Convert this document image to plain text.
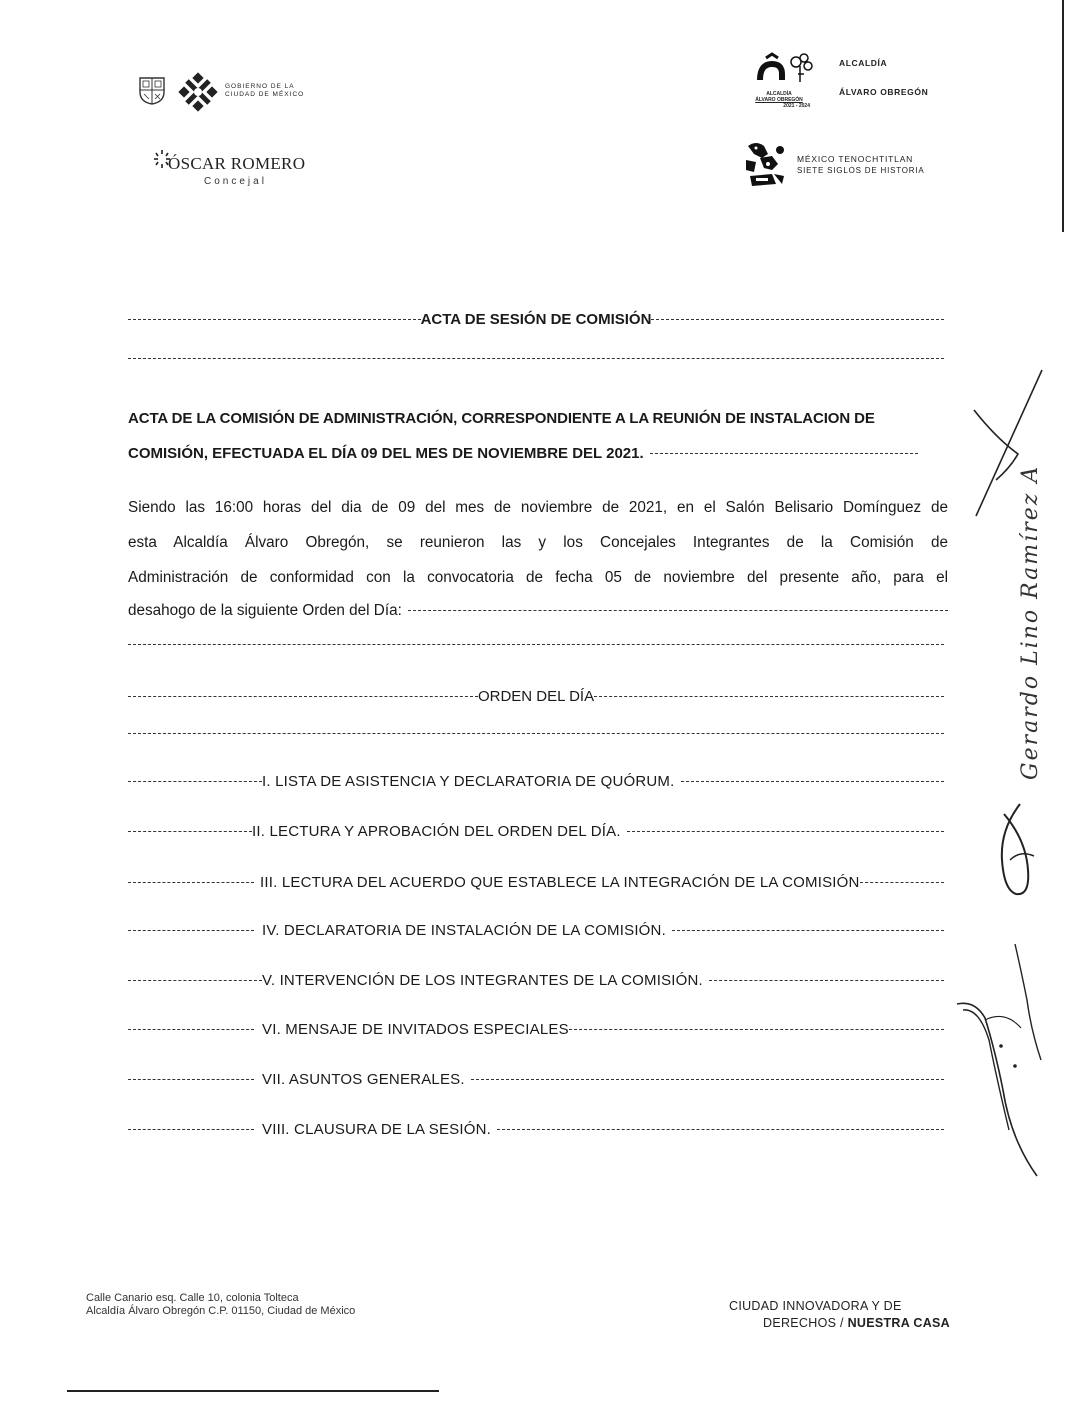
GOBIERNO DE LA
CIUDAD DE MÉXICO
ÓSCAR ROMERO
Concejal
ALCALDÍA
ÁLVARO OBREGÓN
2021 - 2024
ALCALDÍA
ÁLVARO OBREGÓN
MÉXICO TENOCHTITLAN
SIETE SIGLOS DE HISTORIA
ACTA DE SESIÓN DE COMISIÓN
ACTA DE LA COMISIÓN DE ADMINISTRACIÓN, CORRESPONDIENTE A LA REUNIÓN DE INSTALACION DE
COMISIÓN, EFECTUADA EL DÍA 09 DEL MES DE NOVIEMBRE DEL 2021.
Siendo las 16:00 horas del dia de 09 del mes de noviembre de 2021, en el Salón Belisario Domínguez de
esta Alcaldía Álvaro Obregón, se reunieron las y los Concejales Integrantes de la Comisión de
Administración de conformidad con la convocatoria de fecha 05 de noviembre del presente año, para el
desahogo de la siguiente Orden del Día:
ORDEN DEL DÍA
I. LISTA DE ASISTENCIA Y DECLARATORIA DE QUÓRUM.
II. LECTURA Y APROBACIÓN DEL ORDEN DEL DÍA.
III. LECTURA DEL ACUERDO QUE ESTABLECE LA INTEGRACIÓN DE LA COMISIÓN
IV. DECLARATORIA DE INSTALACIÓN DE LA COMISIÓN.
V. INTERVENCIÓN DE LOS INTEGRANTES DE LA COMISIÓN.
VI. MENSAJE DE INVITADOS ESPECIALES
VII. ASUNTOS GENERALES.
VIII. CLAUSURA DE LA SESIÓN.
Gerardo Lino Ramírez A
Calle Canario esq. Calle 10, colonia Tolteca
Alcaldía Álvaro Obregón C.P. 01150, Ciudad de México	CIUDAD INNOVADORA Y DE
DERECHOS / NUESTRA CASA
